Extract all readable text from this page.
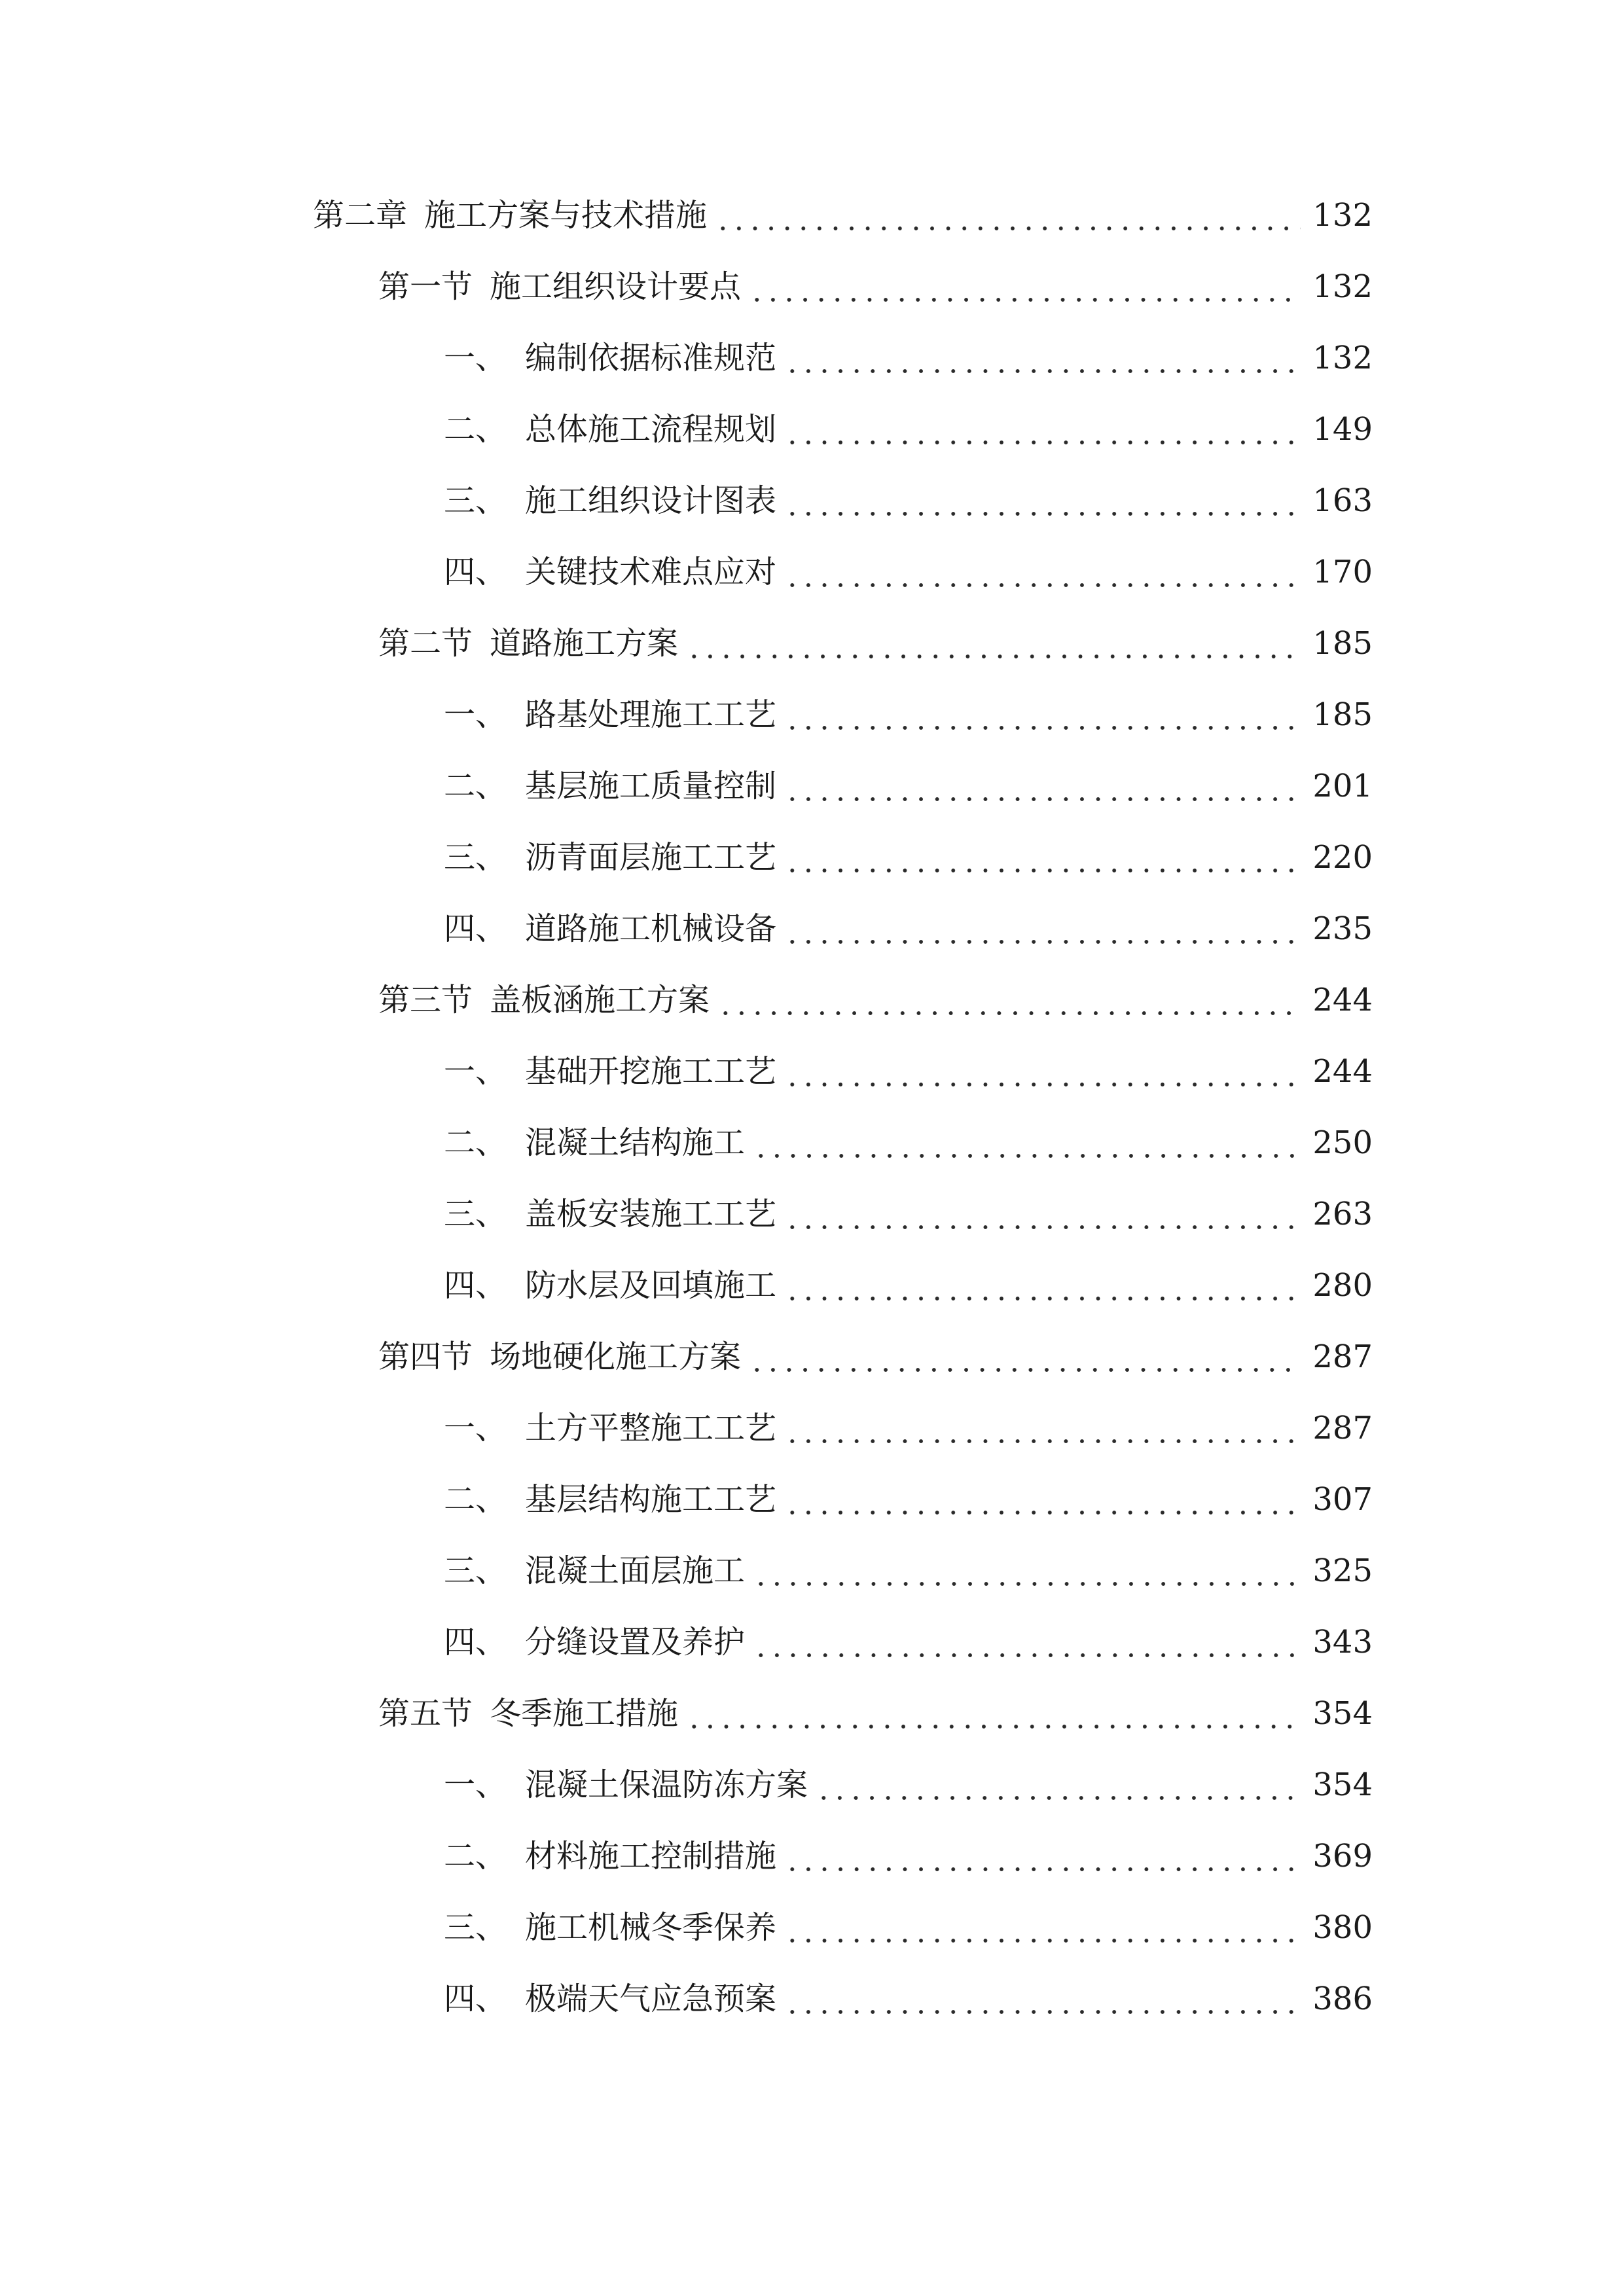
第二章 施工方案与技术措施	132
第一节 施工组织设计要点	132
一、 编制依据标准规范	132
二、 总体施工流程规划	149
三、 施工组织设计图表	163
四、 关键技术难点应对	170
第二节 道路施工方案	185
一、 路基处理施工工艺	185
二、 基层施工质量控制	201
三、 沥青面层施工工艺	220
四、 道路施工机械设备	235
第三节 盖板涵施工方案	244
一、 基础开挖施工工艺	244
二、 混凝土结构施工	250
三、 盖板安装施工工艺	263
四、 防水层及回填施工	280
第四节 场地硬化施工方案	287
一、 土方平整施工工艺	287
二、 基层结构施工工艺	307
三、 混凝土面层施工	325
四、 分缝设置及养护	343
第五节 冬季施工措施	354
一、 混凝土保温防冻方案	354
二、 材料施工控制措施	369
三、 施工机械冬季保养	380
四、 极端天气应急预案	386
